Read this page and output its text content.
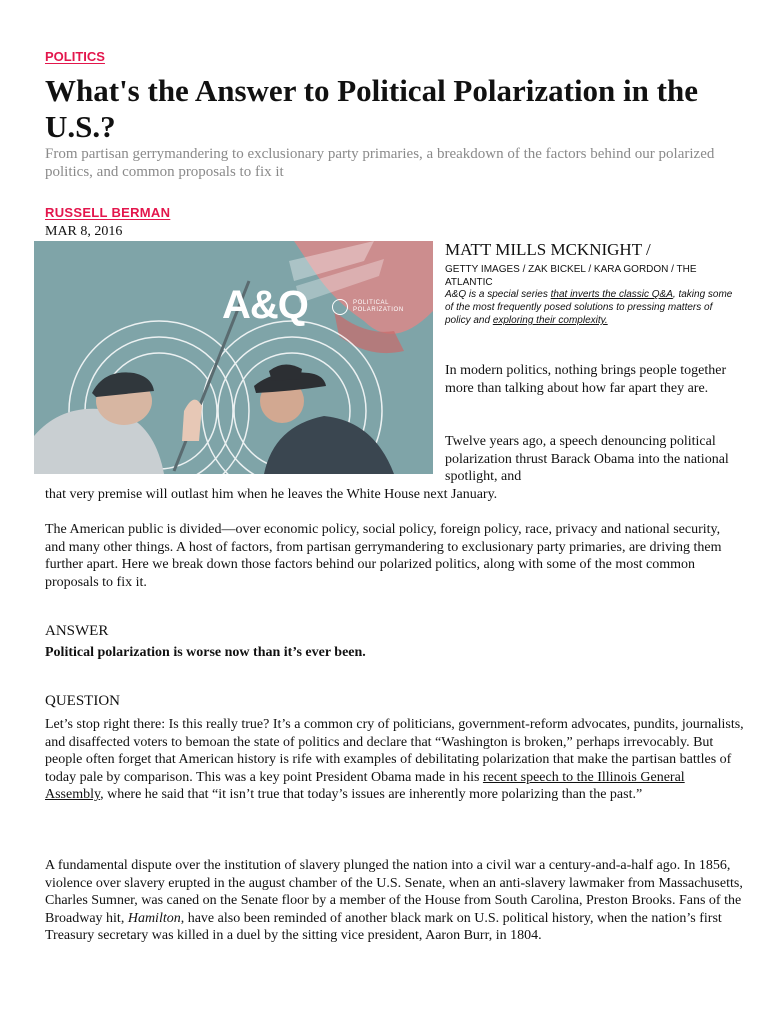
POLITICS
What's the Answer to Political Polarization in the U.S.?

From partisan gerrymandering to exclusionary party primaries, a breakdown of the factors behind our polarized politics, and common proposals to fix it

RUSSELL BERMAN
MAR 8, 2016
A&Q	POLITICAL
POLARIZATION
MATT MILLS MCKNIGHT /
GETTY IMAGES / ZAK BICKEL / KARA GORDON / THE ATLANTIC

A&Q is a special series that inverts the classic Q&A, taking some of the most frequently posed solutions to pressing matters of policy and exploring their complexity.

In modern politics, nothing brings people together more than talking about how far apart they are.

Twelve years ago, a speech denouncing political polarization thrust Barack Obama into the national spotlight, and

that very premise will outlast him when he leaves the White House next January.

The American public is divided—over economic policy, social policy, foreign policy, race, privacy and national security, and many other things. A host of factors, from partisan gerrymandering to exclusionary party primaries, are driving them further apart. Here we break down those factors behind our polarized politics, along with some of the most common proposals to fix it.

ANSWER
Political polarization is worse now than it’s ever been.
QUESTION

Let’s stop right there: Is this really true? It’s a common cry of politicians, government-reform advocates, pundits, journalists, and disaffected voters to bemoan the state of politics and declare that “Washington is broken,” perhaps irrevocably. But people often forget that American history is rife with examples of debilitating polarization that make the partisan battles of today pale by comparison. This was a key point President Obama made in his recent speech to the Illinois General Assembly, where he said that “it isn’t true that today’s issues are inherently more polarizing than the past.”

A fundamental dispute over the institution of slavery plunged the nation into a civil war a century-and-a-half ago. In 1856, violence over slavery erupted in the august chamber of the U.S. Senate, when an anti-slavery lawmaker from Massachusetts, Charles Sumner, was caned on the Senate floor by a member of the House from South Carolina, Preston Brooks. Fans of the Broadway hit, Hamilton, have also been reminded of another black mark on U.S. political history, when the nation’s first Treasury secretary was killed in a duel by the sitting vice president, Aaron Burr, in 1804.
